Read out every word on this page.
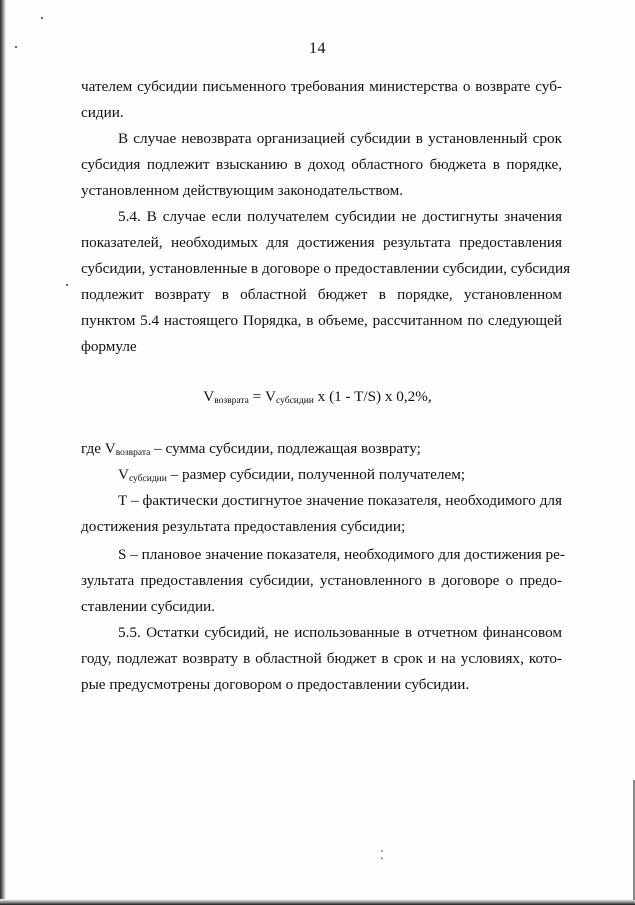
14

чателем субсидии письменного требования министерства о возврате суб-

сидии.

В случае невозврата организацией субсидии в установленный срок

субсидия подлежит взысканию в доход областного бюджета в порядке,

установленном действующим законодательством.

5.4. В случае если получателем субсидии не достигнуты значения

показателей, необходимых для достижения результата предоставления

субсидии, установленные в договоре о предоставлении субсидии, субсидия

подлежит возврату в областной бюджет в порядке, установленном

пунктом 5.4 настоящего Порядка, в объеме, рассчитанном по следующей

формуле

$V_{возврата} = V_{субсидии}$ x (1 - T/S) x 0,2%,
где $V_{возврата}$ – сумма субсидии, подлежащая возврату;
$V_{субсидии}$ – размер субсидии, полученной получателем;

T – фактически достигнутое значение показателя, необходимого для

достижения результата предоставления субсидии;

S – плановое значение показателя, необходимого для достижения ре-

зультата предоставления субсидии, установленного в договоре о предо-

ставлении субсидии.

5.5. Остатки субсидий, не использованные в отчетном финансовом

году, подлежат возврату в областной бюджет в срок и на условиях, кото-

рые предусмотрены договором о предоставлении субсидии.

⁚
